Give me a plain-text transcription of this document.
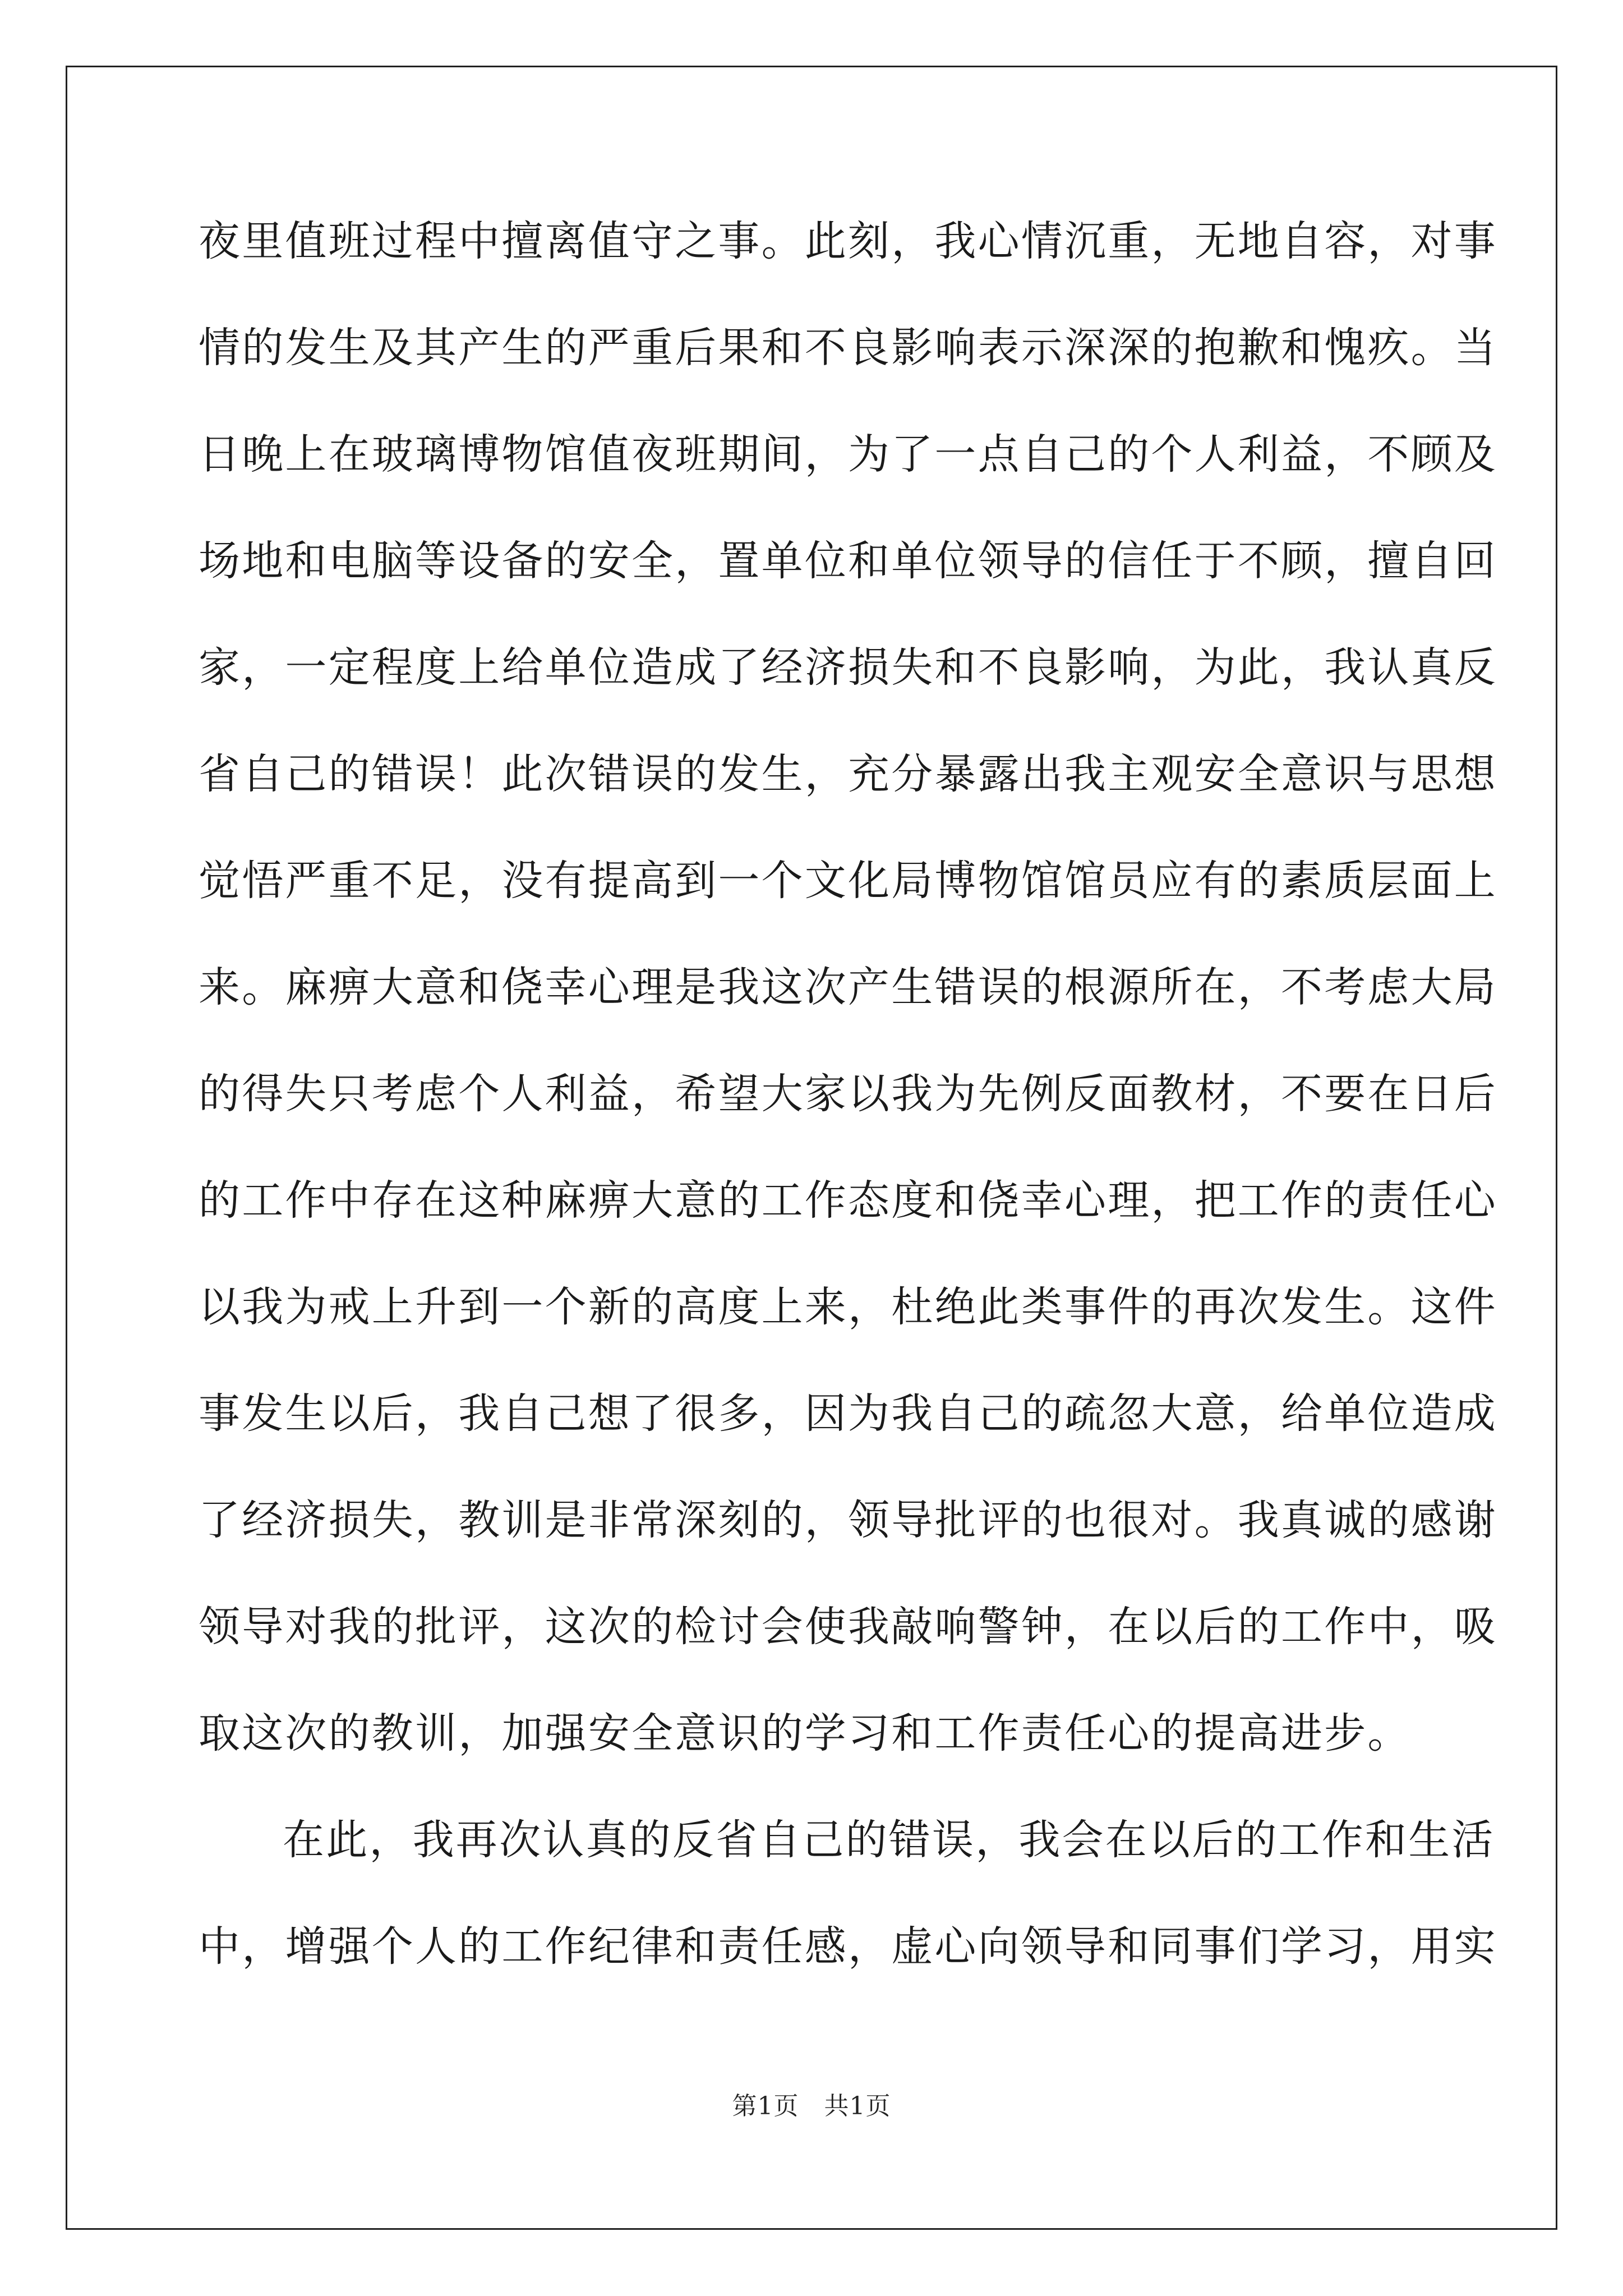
夜里值班过程中擅离值守之事。此刻，我心情沉重，无地自容，对事
情的发生及其产生的严重后果和不良影响表示深深的抱歉和愧疚。当
日晚上在玻璃博物馆值夜班期间，为了一点自己的个人利益，不顾及
场地和电脑等设备的安全，置单位和单位领导的信任于不顾，擅自回
家，一定程度上给单位造成了经济损失和不良影响，为此，我认真反
省自己的错误！此次错误的发生，充分暴露出我主观安全意识与思想
觉悟严重不足，没有提高到一个文化局博物馆馆员应有的素质层面上
来。麻痹大意和侥幸心理是我这次产生错误的根源所在，不考虑大局
的得失只考虑个人利益，希望大家以我为先例反面教材，不要在日后
的工作中存在这种麻痹大意的工作态度和侥幸心理，把工作的责任心
以我为戒上升到一个新的高度上来，杜绝此类事件的再次发生。这件
事发生以后，我自己想了很多，因为我自己的疏忽大意，给单位造成
了经济损失，教训是非常深刻的，领导批评的也很对。我真诚的感谢
领导对我的批评，这次的检讨会使我敲响警钟，在以后的工作中，吸
取这次的教训，加强安全意识的学习和工作责任心的提高进步。
在此，我再次认真的反省自己的错误，我会在以后的工作和生活
中，增强个人的工作纪律和责任感，虚心向领导和同事们学习，用实
第1页　共1页
